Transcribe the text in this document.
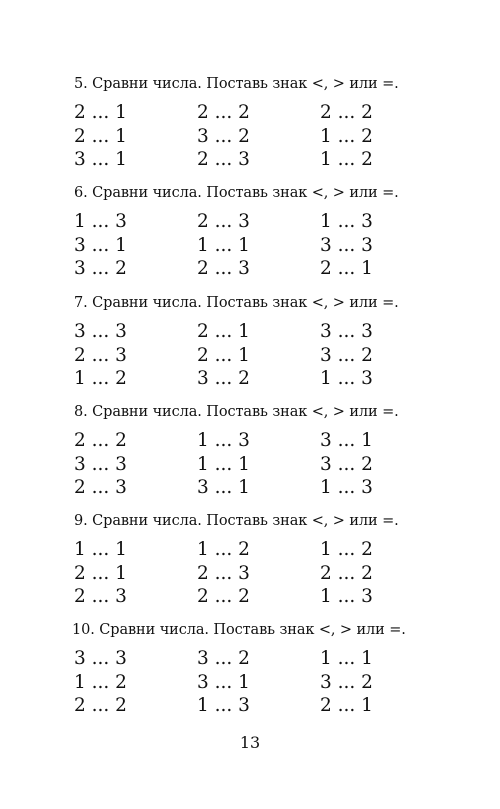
5. Сравни числа. Поставь знак <, > или =.
2 ... 1	2 ... 2	2 ... 2
2 ... 1	3 ... 2	1 ... 2
3 ... 1	2 ... 3	1 ... 2
6. Сравни числа. Поставь знак <, > или =.
1 ... 3	2 ... 3	1 ... 3
3 ... 1	1 ... 1	3 ... 3
3 ... 2	2 ... 3	2 ... 1
7. Сравни числа. Поставь знак <, > или =.
3 ... 3	2 ... 1	3 ... 3
2 ... 3	2 ... 1	3 ... 2
1 ... 2	3 ... 2	1 ... 3
8. Сравни числа. Поставь знак <, > или =.
2 ... 2	1 ... 3	3 ... 1
3 ... 3	1 ... 1	3 ... 2
2 ... 3	3 ... 1	1 ... 3
9. Сравни числа. Поставь знак <, > или =.
1 ... 1	1 ... 2	1 ... 2
2 ... 1	2 ... 3	2 ... 2
2 ... 3	2 ... 2	1 ... 3
10. Сравни числа. Поставь знак <, > или =.
3 ... 3	3 ... 2	1 ... 1
1 ... 2	3 ... 1	3 ... 2
2 ... 2	1 ... 3	2 ... 1
13
